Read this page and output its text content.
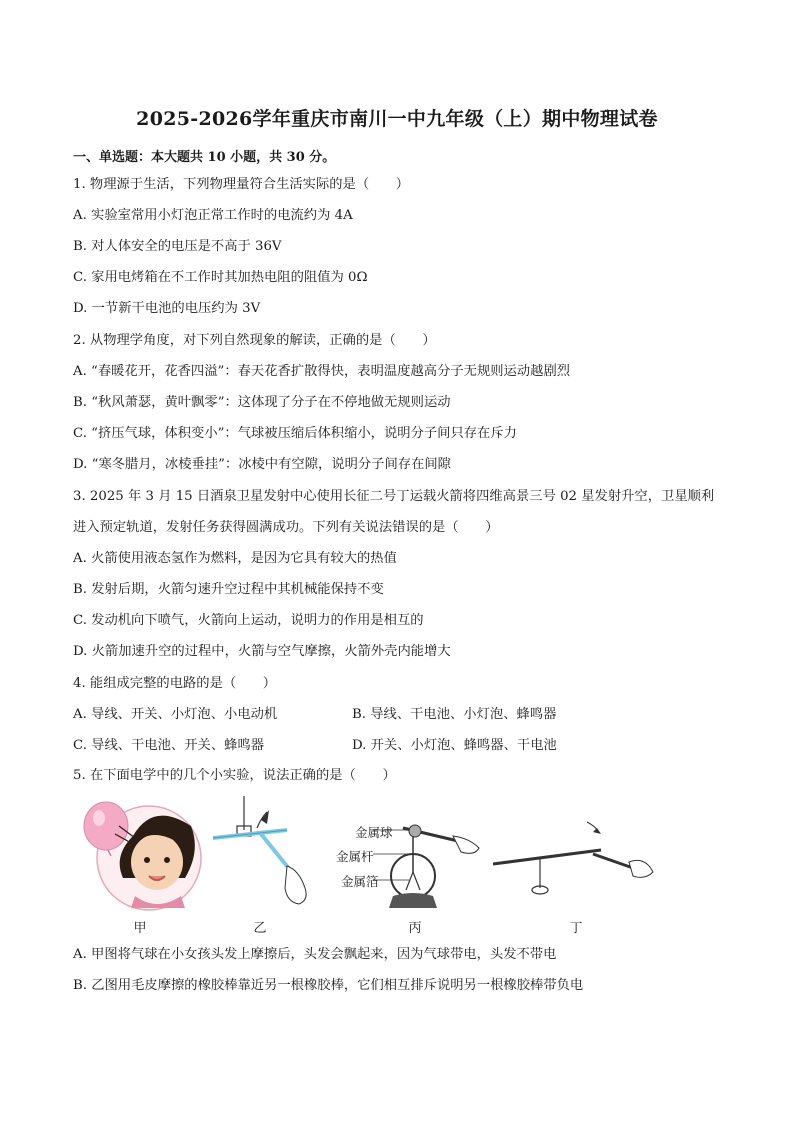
2025-2026学年重庆市南川一中九年级（上）期中物理试卷
一、单选题：本大题共 10 小题，共 30 分。
1. 物理源于生活，下列物理量符合生活实际的是（　　）
A. 实验室常用小灯泡正常工作时的电流约为 4A
B. 对人体安全的电压是不高于 36V
C. 家用电烤箱在不工作时其加热电阻的阻值为 0Ω
D. 一节新干电池的电压约为 3V
2. 从物理学角度，对下列自然现象的解读，正确的是（　　）
A. “春暖花开，花香四溢”：春天花香扩散得快，表明温度越高分子无规则运动越剧烈
B. “秋风萧瑟，黄叶飘零”：这体现了分子在不停地做无规则运动
C. “挤压气球，体积变小”：气球被压缩后体积缩小，说明分子间只存在斥力
D. “寒冬腊月，冰棱垂挂”：冰棱中有空隙，说明分子间存在间隙
3. 2025 年 3 月 15 日酒泉卫星发射中心使用长征二号丁运载火箭将四维高景三号 02 星发射升空，卫星顺利
进入预定轨道，发射任务获得圆满成功。下列有关说法错误的是（　　）
A. 火箭使用液态氢作为燃料，是因为它具有较大的热值
B. 发射后期，火箭匀速升空过程中其机械能保持不变
C. 发动机向下喷气，火箭向上运动，说明力的作用是相互的
D. 火箭加速升空的过程中，火箭与空气摩擦，火箭外壳内能增大
4. 能组成完整的电路的是（　　）
A. 导线、开关、小灯泡、小电动机	B. 导线、干电池、小灯泡、蜂鸣器
C. 导线、干电池、开关、蜂鸣器	D. 开关、小灯泡、蜂鸣器、干电池
5. 在下面电学中的几个小实验，说法正确的是（　　）
金属球
金属杆
金属箔
甲	乙	丙	丁
A. 甲图将气球在小女孩头发上摩擦后，头发会飘起来，因为气球带电，头发不带电
B. 乙图用毛皮摩擦的橡胶棒靠近另一根橡胶棒，它们相互排斥说明另一根橡胶棒带负电
